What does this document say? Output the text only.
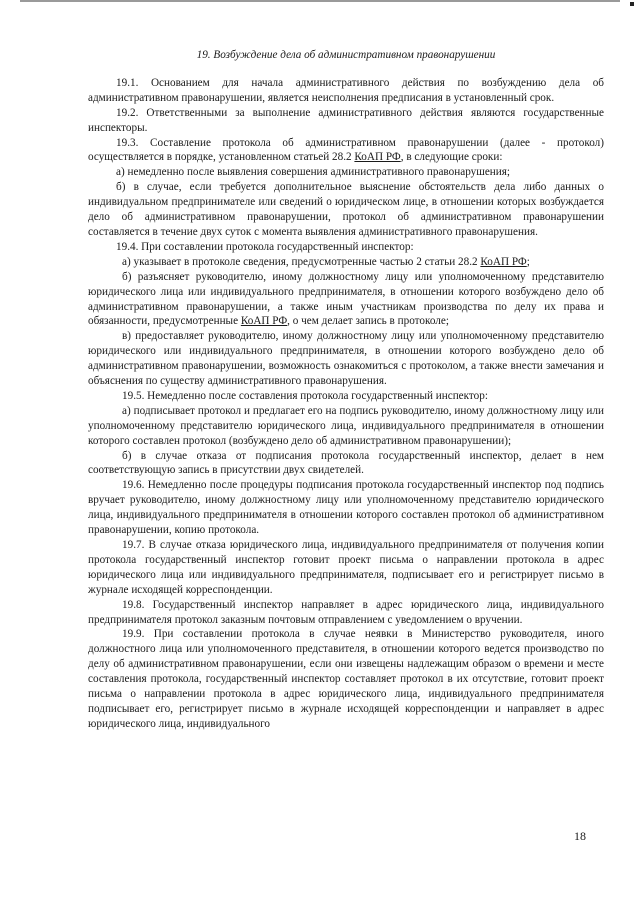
19. Возбуждение дела об административном правонарушении

19.1. Основанием для начала административного действия по возбуждению дела об административном правонарушении, является неисполнения предписания в установленный срок.

19.2. Ответственными за выполнение административного действия являются государственные инспекторы.

19.3. Составление протокола об административном правонарушении (далее - протокол) осуществляется в порядке, установленном статьей 28.2 КоАП РФ, в следующие сроки:

а) немедленно после выявления совершения административного правонарушения;

б) в случае, если требуется дополнительное выяснение обстоятельств дела либо данных о индивидуальном предпринимателе или сведений о юридическом лице, в отношении которых возбуждается дело об административном правонарушении, протокол об административном правонарушении составляется в течение двух суток с момента выявления административного правонарушения.

19.4. При составлении протокола государственный инспектор:

а) указывает в протоколе сведения, предусмотренные частью 2 статьи 28.2 КоАП РФ;

б) разъясняет руководителю, иному должностному лицу или уполномоченному представителю юридического лица или индивидуального предпринимателя, в отношении которого возбуждено дело об административном правонарушении, а также иным участникам производства по делу их права и обязанности, предусмотренные КоАП РФ, о чем делает запись в протоколе;

в) предоставляет руководителю, иному должностному лицу или уполномоченному представителю юридического или индивидуального предпринимателя, в отношении которого возбуждено дело об административном правонарушении, возможность ознакомиться с протоколом, а также внести замечания и объяснения по существу административного правонарушения.

19.5. Немедленно после составления протокола государственный инспектор:

а) подписывает протокол и предлагает его на подпись руководителю, иному должностному лицу или уполномоченному представителю юридического лица, индивидуального предпринимателя в отношении которого составлен протокол (возбуждено дело об административном правонарушении);

б) в случае отказа от подписания протокола государственный инспектор, делает в нем соответствующую запись в присутствии двух свидетелей.

19.6. Немедленно после процедуры подписания протокола государственный инспектор под подпись вручает руководителю, иному должностному лицу или уполномоченному представителю юридического лица, индивидуального предпринимателя в отношении которого составлен протокол об административном правонарушении, копию протокола.

19.7. В случае отказа юридического лица, индивидуального предпринимателя от получения копии протокола государственный инспектор готовит проект письма о направлении протокола в адрес юридического лица или индивидуального предпринимателя, подписывает его и регистрирует письмо в журнале исходящей корреспонденции.

19.8. Государственный инспектор направляет в адрес юридического лица, индивидуального предпринимателя протокол заказным почтовым отправлением с уведомлением о вручении.

19.9. При составлении протокола в случае неявки в Министерство руководителя, иного должностного лица или уполномоченного представителя, в отношении которого ведется производство по делу об административном правонарушении, если они извещены надлежащим образом о времени и месте составления протокола, государственный инспектор составляет протокол в их отсутствие, готовит проект письма о направлении протокола в адрес юридического лица, индивидуального предпринимателя подписывает его, регистрирует письмо в журнале исходящей корреспонденции и направляет в адрес юридического лица, индивидуального

18
